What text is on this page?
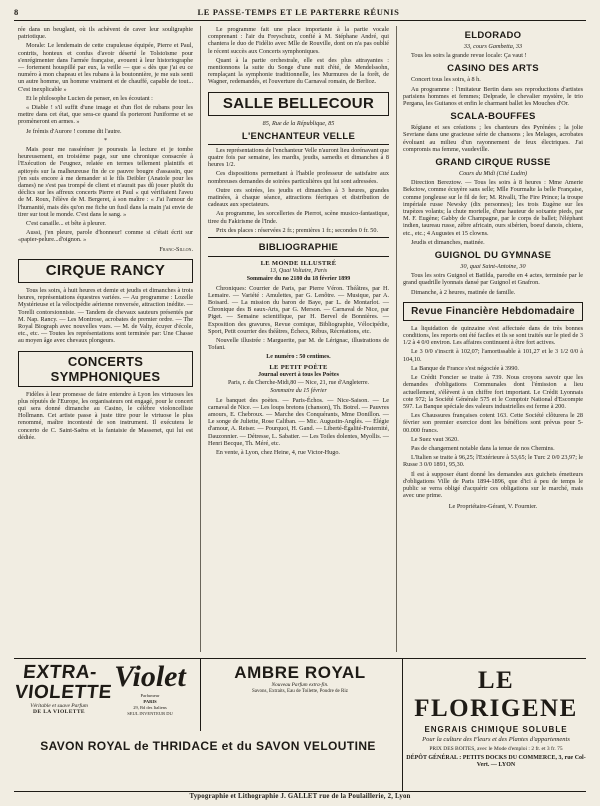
8	LE PASSE-TEMPS ET LE PARTERRE RÉUNIS

rée dans un beuglant, où ils achèvent de caver leur souligraphie patriotique.

Morale: Le lendemain de cette crapuleuse équipée, Pierre et Paul, contrits, honteux et confus d'avoir déserté le Tolstoïsme pour s'enrégimenter dans l'armée française, avouent à leur historiographe — fortement houspillé par eux, la veille — que « dès que j'ai eu ce numéro à mon chapeau et les rubans à la boutonnière, je me suis senti un autre homme, un homme vraiment et de chauffé, capable de tout... C'est inexplicable »

Et le philosophe Lucien de penser, en les écoutant :

« Diable ! s'il suffit d'une image et d'un flot de rubans pour les mettre dans cet état, que sera-ce quand ils porteront l'uniforme et se promèneront en armes. »

Je frémis d'Aurore ! comme dit l'autre.

*

Mais pour me rasséréner je poursuis la lecture et je tombe heureusement, en troisième page, sur une chronique consacrée à l'Exécution de Feugnez, relatée en termes tellement plaintifs et apitoyés sur la malheureuse fin de ce pauvre bougre d'assassin, que j'en suis encore à me demander si le fils Deibler (Anatole pour les dames) ne s'est pas trompé de client et n'aurait pas dû jouer plutôt du déclics sur les affreux concerts Pierre et Paul « qui vérifiaient l'aveu de M. Roux, l'élève de M. Bergeret, à son maître : « J'ai l'amour de l'humanité, mais dès qu'on me fiche un fusil dans la main j'ai envie de tirer sur tout le monde. C'est dans le sang. »

C'est canaille... et bête à pleurer.

Aussi, j'en pleure, parole d'honneur! comme si c'était écrit sur «papier-pelure...d'oignon. »

Franc-Sillon.
CIRQUE RANCY

Tous les soirs, à huit heures et demie et jeudis et dimanches à trois heures, représentations équestres variées. — Au programme : Lozelle Mystérieuse et la vélocipédie aérienne renversée, attraction inédite. — Torelli contorsionniste. — Tandem de chevaux sauteurs présentés par M. Nap. Rancy. — Les Montrose, acrobates de premier ordre. — The Royal Biograph avec nouvelles vues. — M. de Valty, écuyer d'école, etc., etc. — Toutes les représentations sont terminée par: Une Chasse au moyen âge avec chevaux plongeurs.

CONCERTS SYMPHONIQUES

Fidèles à leur promesse de faire entendre à Lyon les virtuoses les plus réputés de l'Europe, les organisateurs ont engagé, pour le concert qui sera donné dimanche au Casino, le célèbre violoncelliste Hollmann. Cet artiste passe à juste titre pour le virtuose le plus renommé, maître incontesté de son instrument. Il exécutera le concerto de C. Saint-Saëns et la fantaisie de Massenet, qui lui est dédiée.

Le programme fait une place importante à la partie vocale comprenant : l'air du Freyschutz, confié à M. Stéphane André, qui chantera le duo de Fidélio avec Mlle de Rouville, dont on n'a pas oublié le récent succès aux Concerts symphoniques.

Quant à la partie orchestrale, elle est des plus attrayantes : mentionnons la suite du Songe d'une nuit d'été, de Mendelssohn, remplaçant la symphonie traditionnelle, les Murmures de la forêt, de Wagner, redemandés, et l'ouverture du Carnaval romain, de Berlioz.

SALLE BELLECOUR
85, Rue de la République, 85
L'ENCHANTEUR VELLE

Les représentations de l'enchanteur Velle n'auront lieu dorénavant que quatre fois par semaine, les mardis, jeudis, samedis et dimanches à 8 heures 1/2.

Ces dispositions permettant à l'habile professeur de satisfaire aux nombreuses demandes de soirées particulières qui lui sont adressées.

Outre ces soirées, les jeudis et dimanches à 3 heures, grandes matinées, à chaque séance, attractions féeriques et distribution de cadeaux aux spectateurs.

Au programme, les sorcelleries de Pierrot, scène musico-fantastique, tiree du Fakirisme de l'Inde.

Prix des places : réservées 2 fr.; premières 1 fr.; secondes 0 fr. 50.

BIBLIOGRAPHIE
LE MONDE ILLUSTRÉ
13, Quai Voltaire, Paris
Sommaire du no 2180 du 18 février 1899

Chroniques: Courrier de Paris, par Pierre Véron. Théâtres, par H. Lemaire. — Variété : Amulettes, par G. Lenôtre. — Musique, par A. Boisard. — La mission du baron de Baye, par L. de Montarlot. — Chronique des B eaux-Arts, par G. Merson. — Carnaval de Nice, par Piget. — Semaine scientifique, par H. Bervel de Bonnières. — Exposition des gravures, Revue comique, Bibliographie, Vélocipédie, Sport, Petit courrier des théâtres, Échecs, Rébus, Récréations, etc.

Nouvelle illustrée : Marguerite, par M. de Lérignac, illustrations de Tofani.

Le numéro : 50 centimes.
LE PETIT POÈTE
Journal ouvert à tous les Poètes
Paris, r. du Cherche-Midi,80 — Nice, 21, rue d'Angleterre.
Sommaire du 15 février

Le banquet des poètes. — Paris-Échos. — Nice-Saison. — Le carnaval de Nice. — Les loups bretons (chanson), Th. Botrel. — Pauvres amours, E. Chebroux. — Marche des Conquérants, Mme Donillon. — Le songe de Juliette, Rose Caliban. — Mic. Augustin-Anglès. — Élégie d'amour, A. Reiser. — Pourquoi, H. Gand. — Liberté-Égalité-Fraternité, Dauzonnier. — Détresse, L. Sabatier. — Les Toiles dolentes, Myollis. — Henri Becque, Th. Méré, etc.

En vente, à Lyon, chez Heine, 4, rue Victor-Hugo.

ELDORADO
33, cours Gambetta, 33

Tous les soirs la grande revue locale: Ça vaut !

CASINO DES ARTS

Concert tous les soirs, à 8 h.

Au programme : l'imitateur Bertin dans ses reproductions d'artistes parisiens hommes et femmes; Delprade, le chevalier mystère, le trio Pergana, les Guitanos et enfin le charmant ballet les Mouches d'Or.

SCALA-BOUFFES

Régiane et ses créations ; les chanteurs des Pyrénées ; la jolie Sevriane dans une gracieuse série de chansons ; les Melages, acrobates évoluant au milieu d'un rayonnement de feux électriques. J'ai compromis ma femme, vaudeville.

GRAND CIRQUE RUSSE
Cours du Midi (Cité Ludin)

Direction Bereztow. — Tous les soirs à 8 heures : Mme Amerie Bekctow, comme écuyère sans selle; Mlle Fourmalte la belle Française, comme jongleuse sur le fil de fer; M. Rivalli, The Fire Prince; la troupe impériale russe Newsky (dix personnes); les trois Eugène sur les trapèzes volants; la chute mortelle, d'une hauteur de soixante pieds, par M. F. Eugène; Gabby de Champagne, par le corps de ballet; l'éléphant indien, taureau russe, zèbre africain, ours sibérien, boeuf danois, chiens, etc., etc.; 4 Augustes et 15 clowns.

Jeudis et dimanches, matinée.

GUIGNOL DU GYMNASE
30, quai Saint-Antoine, 30

Tous les soirs Guignol et Batilda, parodie en 4 actes, terminée par le grand quadrille lyonnais dansé par Guignol et Gnafron.

Dimanche, à 2 heures, matinée de famille.

Revue Financière Hebdomadaire

La liquidation de quinzaine s'est affectuée dans de très bonnes conditions, les reports ont été faciles et ils se sont traités sur le pied de 3 1/2 à 4 0/0 environ. Les affaires continuent à être fort actives.

Le 3 0/0 s'inscrit à 102,07; l'amortissable à 101,27 et le 3 1/2 0/0 à 104,10.

La Banque de France s'est négociée à 3990.

Le Crédit Foncier se traite à 739. Nous croyons savoir que les demandes d'obligations Communales dont l'émission a lieu actuellement, s'élèvent à un chiffre fort important. Le Crédit Lyonnais cote 972; la Société Générale 575 et le Comptoir National d'Escompte 597. La Banque spéciale des valeurs industrielles est ferme à 200.

Les Chaussures françaises cotent 163. Cette Société clôturera le 28 février son premier exercice dont les bénéfices sont prévus pour 5-00.000 francs.

Le Suez vaut 3620.

Pas de changement notable dans la tenue de nos Chemins.

L'Italien se traite à 96,25; l'Extérieure à 53,65; le Turc 2 0/0 23,97; le Russe 3 0/0 1891, 95,30.

Il est à supposer étant donné les demandes aux guichets émetteurs d'obligations Ville de Paris 1894-1896, que d'ici à peu de temps le public se verra obligé d'acquérir ces obligations sur le marché, mais avec une prime.

Le Propriétaire-Gérant, V. Fournier.
EXTRA-VIOLETTE
Véritable et suave Parfum
DE LA VIOLETTE
Violet
Parfumeur
PARIS
29, Bd des Italiens
SEUL INVENTEUR DU
AMBRE ROYAL
Nouveau Parfum extra-fin.
Savons, Extraits, Eau de Toilette, Poudre de Riz
SAVON ROYAL de THRIDACE et du SAVON VELOUTINE
LE FLORIGENE
ENGRAIS CHIMIQUE SOLUBLE
Pour la culture des Fleurs et des Plantes d'appartements
PRIX DES BOITES, avec le Mode d'emploi : 2 fr. et 3 fr. 75
DÉPÔT GÉNÉRAL : PETITS DOCKS DU COMMERCE, 3, rue Col-Vert. — LYON
Typographie et Lithographie J. GALLET rue de la Poulaillerie, 2, Lyon
